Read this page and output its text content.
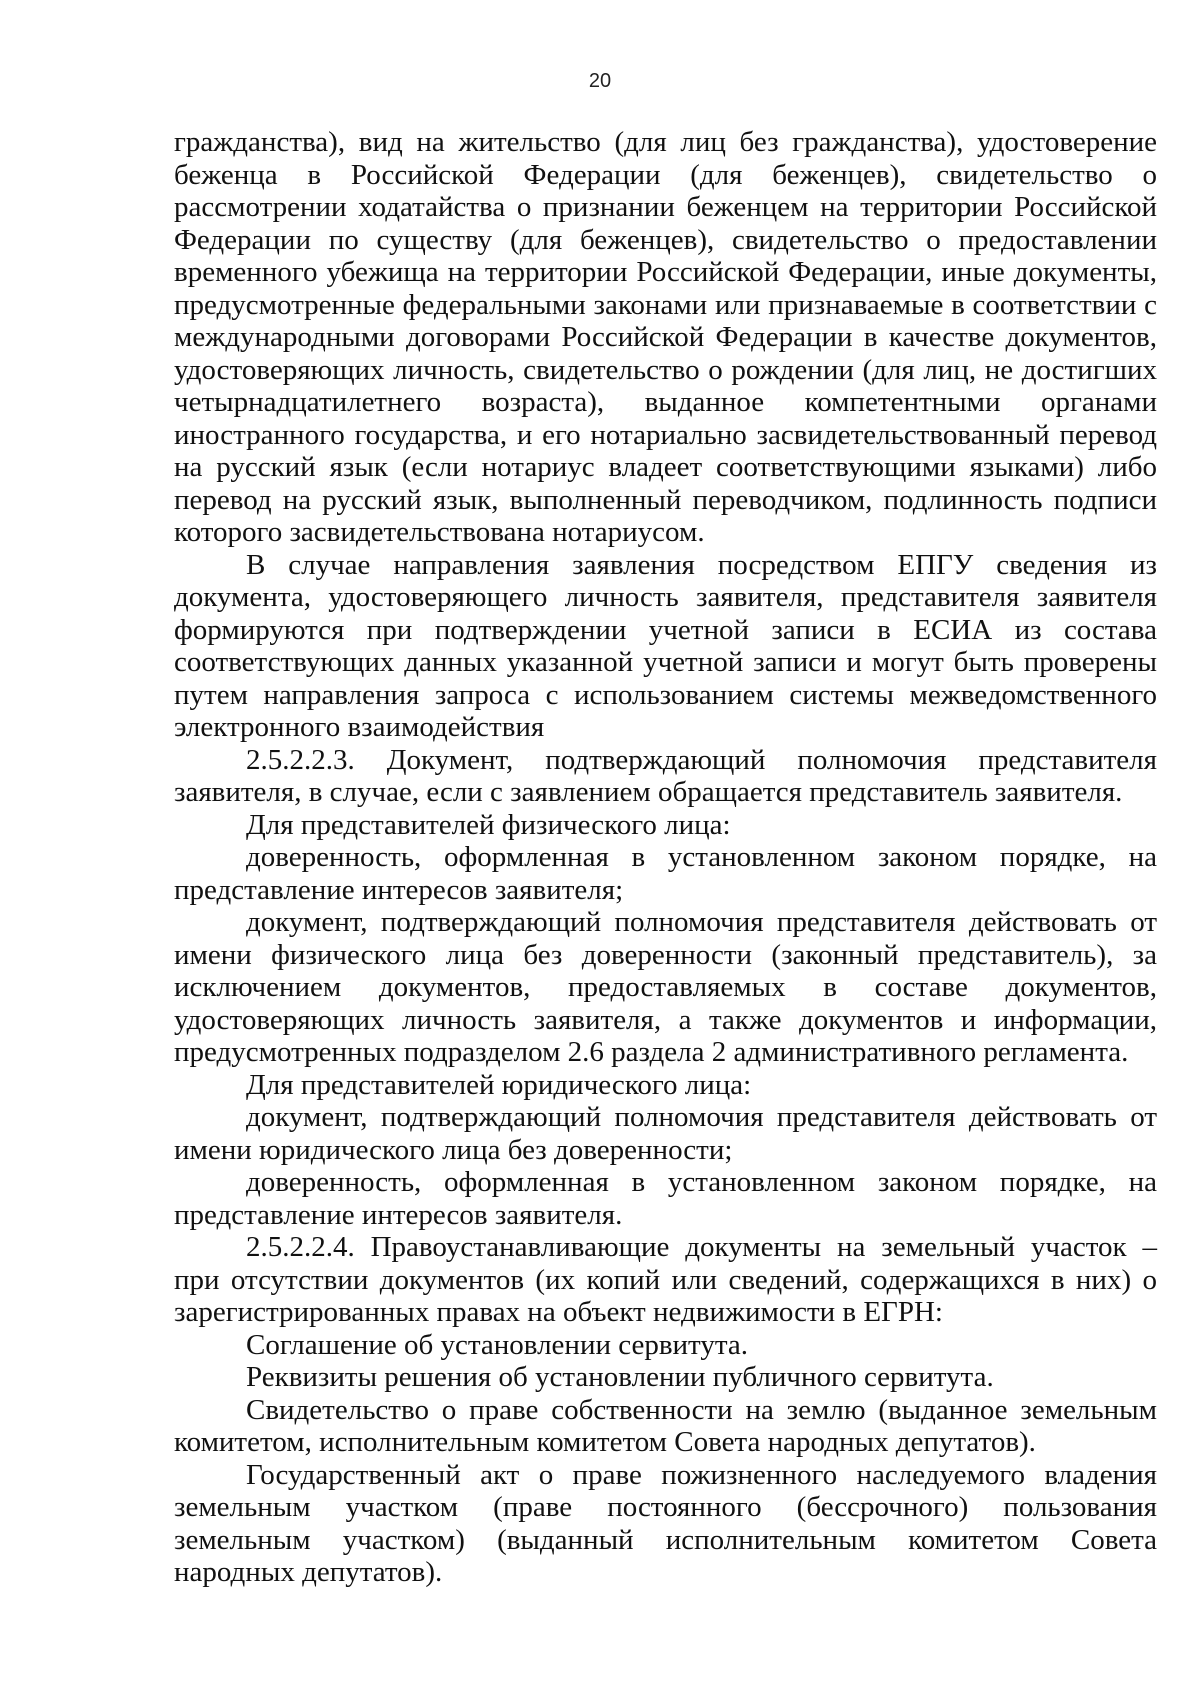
20

гражданства), вид на жительство (для лиц без гражданства), удостоверение беженца в Российской Федерации (для беженцев), свидетельство о рассмотрении ходатайства о признании беженцем на территории Российской Федерации по существу (для беженцев), свидетельство о предоставлении временного убежища на территории Российской Федерации, иные документы, предусмотренные федеральными законами или признаваемые в соответствии с международными договорами Российской Федерации в качестве документов, удостоверяющих личность, свидетельство о рождении (для лиц, не достигших четырнадцатилетнего возраста), выданное компетентными органами иностранного государства, и его нотариально засвидетельствованный перевод на русский язык (если нотариус владеет соответствующими языками) либо перевод на русский язык, выполненный переводчиком, подлинность подписи которого засвидетельствована нотариусом.

В случае направления заявления посредством ЕПГУ сведения из документа, удостоверяющего личность заявителя, представителя заявителя формируются при подтверждении учетной записи в ЕСИА из состава соответствующих данных указанной учетной записи и могут быть проверены путем направления запроса с использованием системы межведомственного электронного взаимодействия

2.5.2.2.3. Документ, подтверждающий полномочия представителя заявителя, в случае, если с заявлением обращается представитель заявителя.

Для представителей физического лица:

доверенность, оформленная в установленном законом порядке, на представление интересов заявителя;

документ, подтверждающий полномочия представителя действовать от имени физического лица без доверенности (законный представитель), за исключением документов, предоставляемых в составе документов, удостоверяющих личность заявителя, а также документов и информации, предусмотренных подразделом 2.6 раздела 2 административного регламента.

Для представителей юридического лица:

документ, подтверждающий полномочия представителя действовать от имени юридического лица без доверенности;

доверенность, оформленная в установленном законом порядке, на представление интересов заявителя.

2.5.2.2.4. Правоустанавливающие документы на земельный участок – при отсутствии документов (их копий или сведений, содержащихся в них) о зарегистрированных правах на объект недвижимости в ЕГРН:

Соглашение об установлении сервитута.

Реквизиты решения об установлении публичного сервитута.

Свидетельство о праве собственности на землю (выданное земельным комитетом, исполнительным комитетом Совета народных депутатов).

Государственный акт о праве пожизненного наследуемого владения земельным участком (праве постоянного (бессрочного) пользования земельным участком) (выданный исполнительным комитетом Совета народных депутатов).
